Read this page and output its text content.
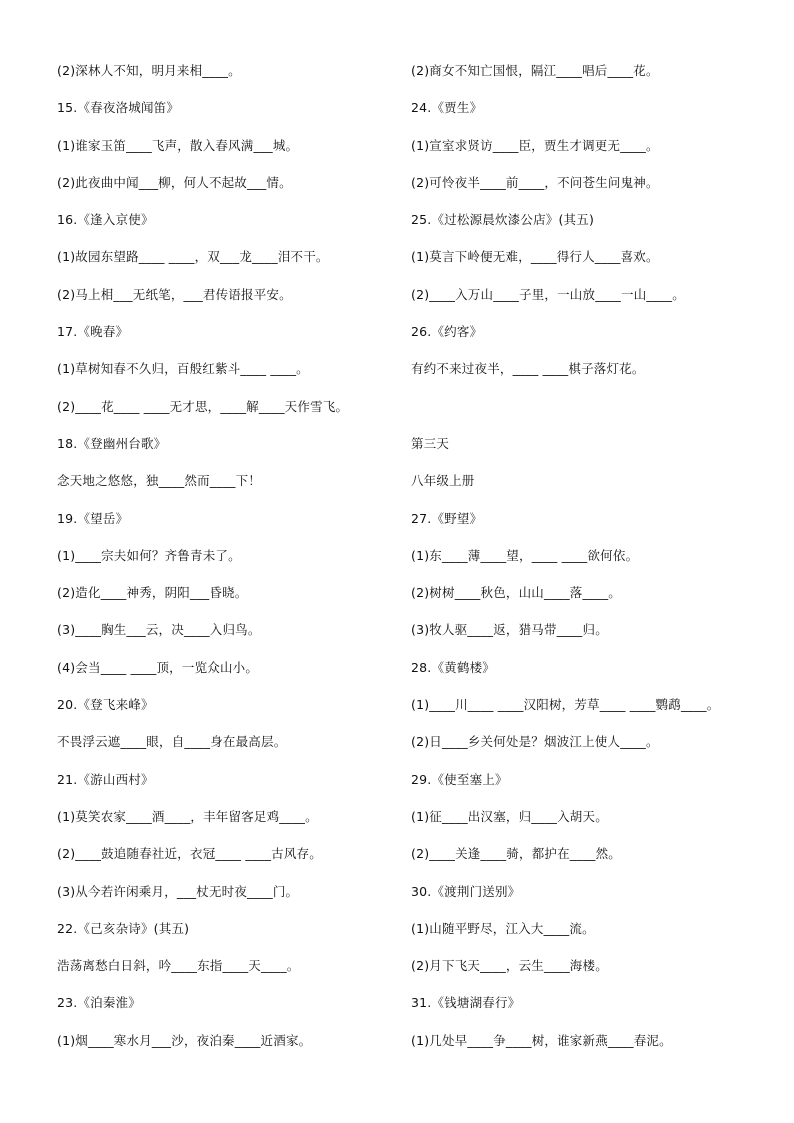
(2)深林人不知，明月来相____。
15.《春夜洛城闻笛》
(1)谁家玉笛____飞声，散入春风满___城。
(2)此夜曲中闻___柳，何人不起故___情。
16.《逢入京使》
(1)故园东望路____ ____，双___龙____泪不干。
(2)马上相___无纸笔，___君传语报平安。
17.《晚春》
(1)草树知春不久归，百般红紫斗____ ____。
(2)____花____ ____无才思，____解____天作雪飞。
18.《登幽州台歌》
念天地之悠悠，独____然而____下！
19.《望岳》
(1)____宗夫如何？齐鲁青未了。
(2)造化____神秀，阴阳___昏晓。
(3)____胸生___云，决____入归鸟。
(4)会当____ ____顶，一览众山小。
20.《登飞来峰》
不畏浮云遮____眼，自____身在最高层。
21.《游山西村》
(1)莫笑农家____酒____，丰年留客足鸡____。
(2)____鼓追随春社近，衣冠____ ____古风存。
(3)从今若许闲乘月，___杖无时夜____门。
22.《己亥杂诗》(其五)
浩荡离愁白日斜，吟____东指____天____。
23.《泊秦淮》
(1)烟____寒水月___沙，夜泊秦____近酒家。
(2)商女不知亡国恨，隔江____唱后____花。
24.《贾生》
(1)宣室求贤访____臣，贾生才调更无____。
(2)可怜夜半____前____，不问苍生问鬼神。
25.《过松源晨炊漆公店》(其五)
(1)莫言下岭便无难，____得行人____喜欢。
(2)____入万山____子里，一山放____一山____。
26.《约客》
有约不来过夜半，____ ____棋子落灯花。
第三天
八年级上册
27.《野望》
(1)东____薄____望，____ ____欲何依。
(2)树树____秋色，山山____落____。
(3)牧人驱____返，猎马带____归。
28.《黄鹤楼》
(1)____川____ ____汉阳树，芳草____ ____鹦鹉____。
(2)日____乡关何处是？烟波江上使人____。
29.《使至塞上》
(1)征____出汉塞，归____入胡天。
(2)____关逢____骑，都护在____然。
30.《渡荆门送别》
(1)山随平野尽，江入大____流。
(2)月下飞天____，云生____海楼。
31.《钱塘湖春行》
(1)几处早____争____树，谁家新燕____春泥。
